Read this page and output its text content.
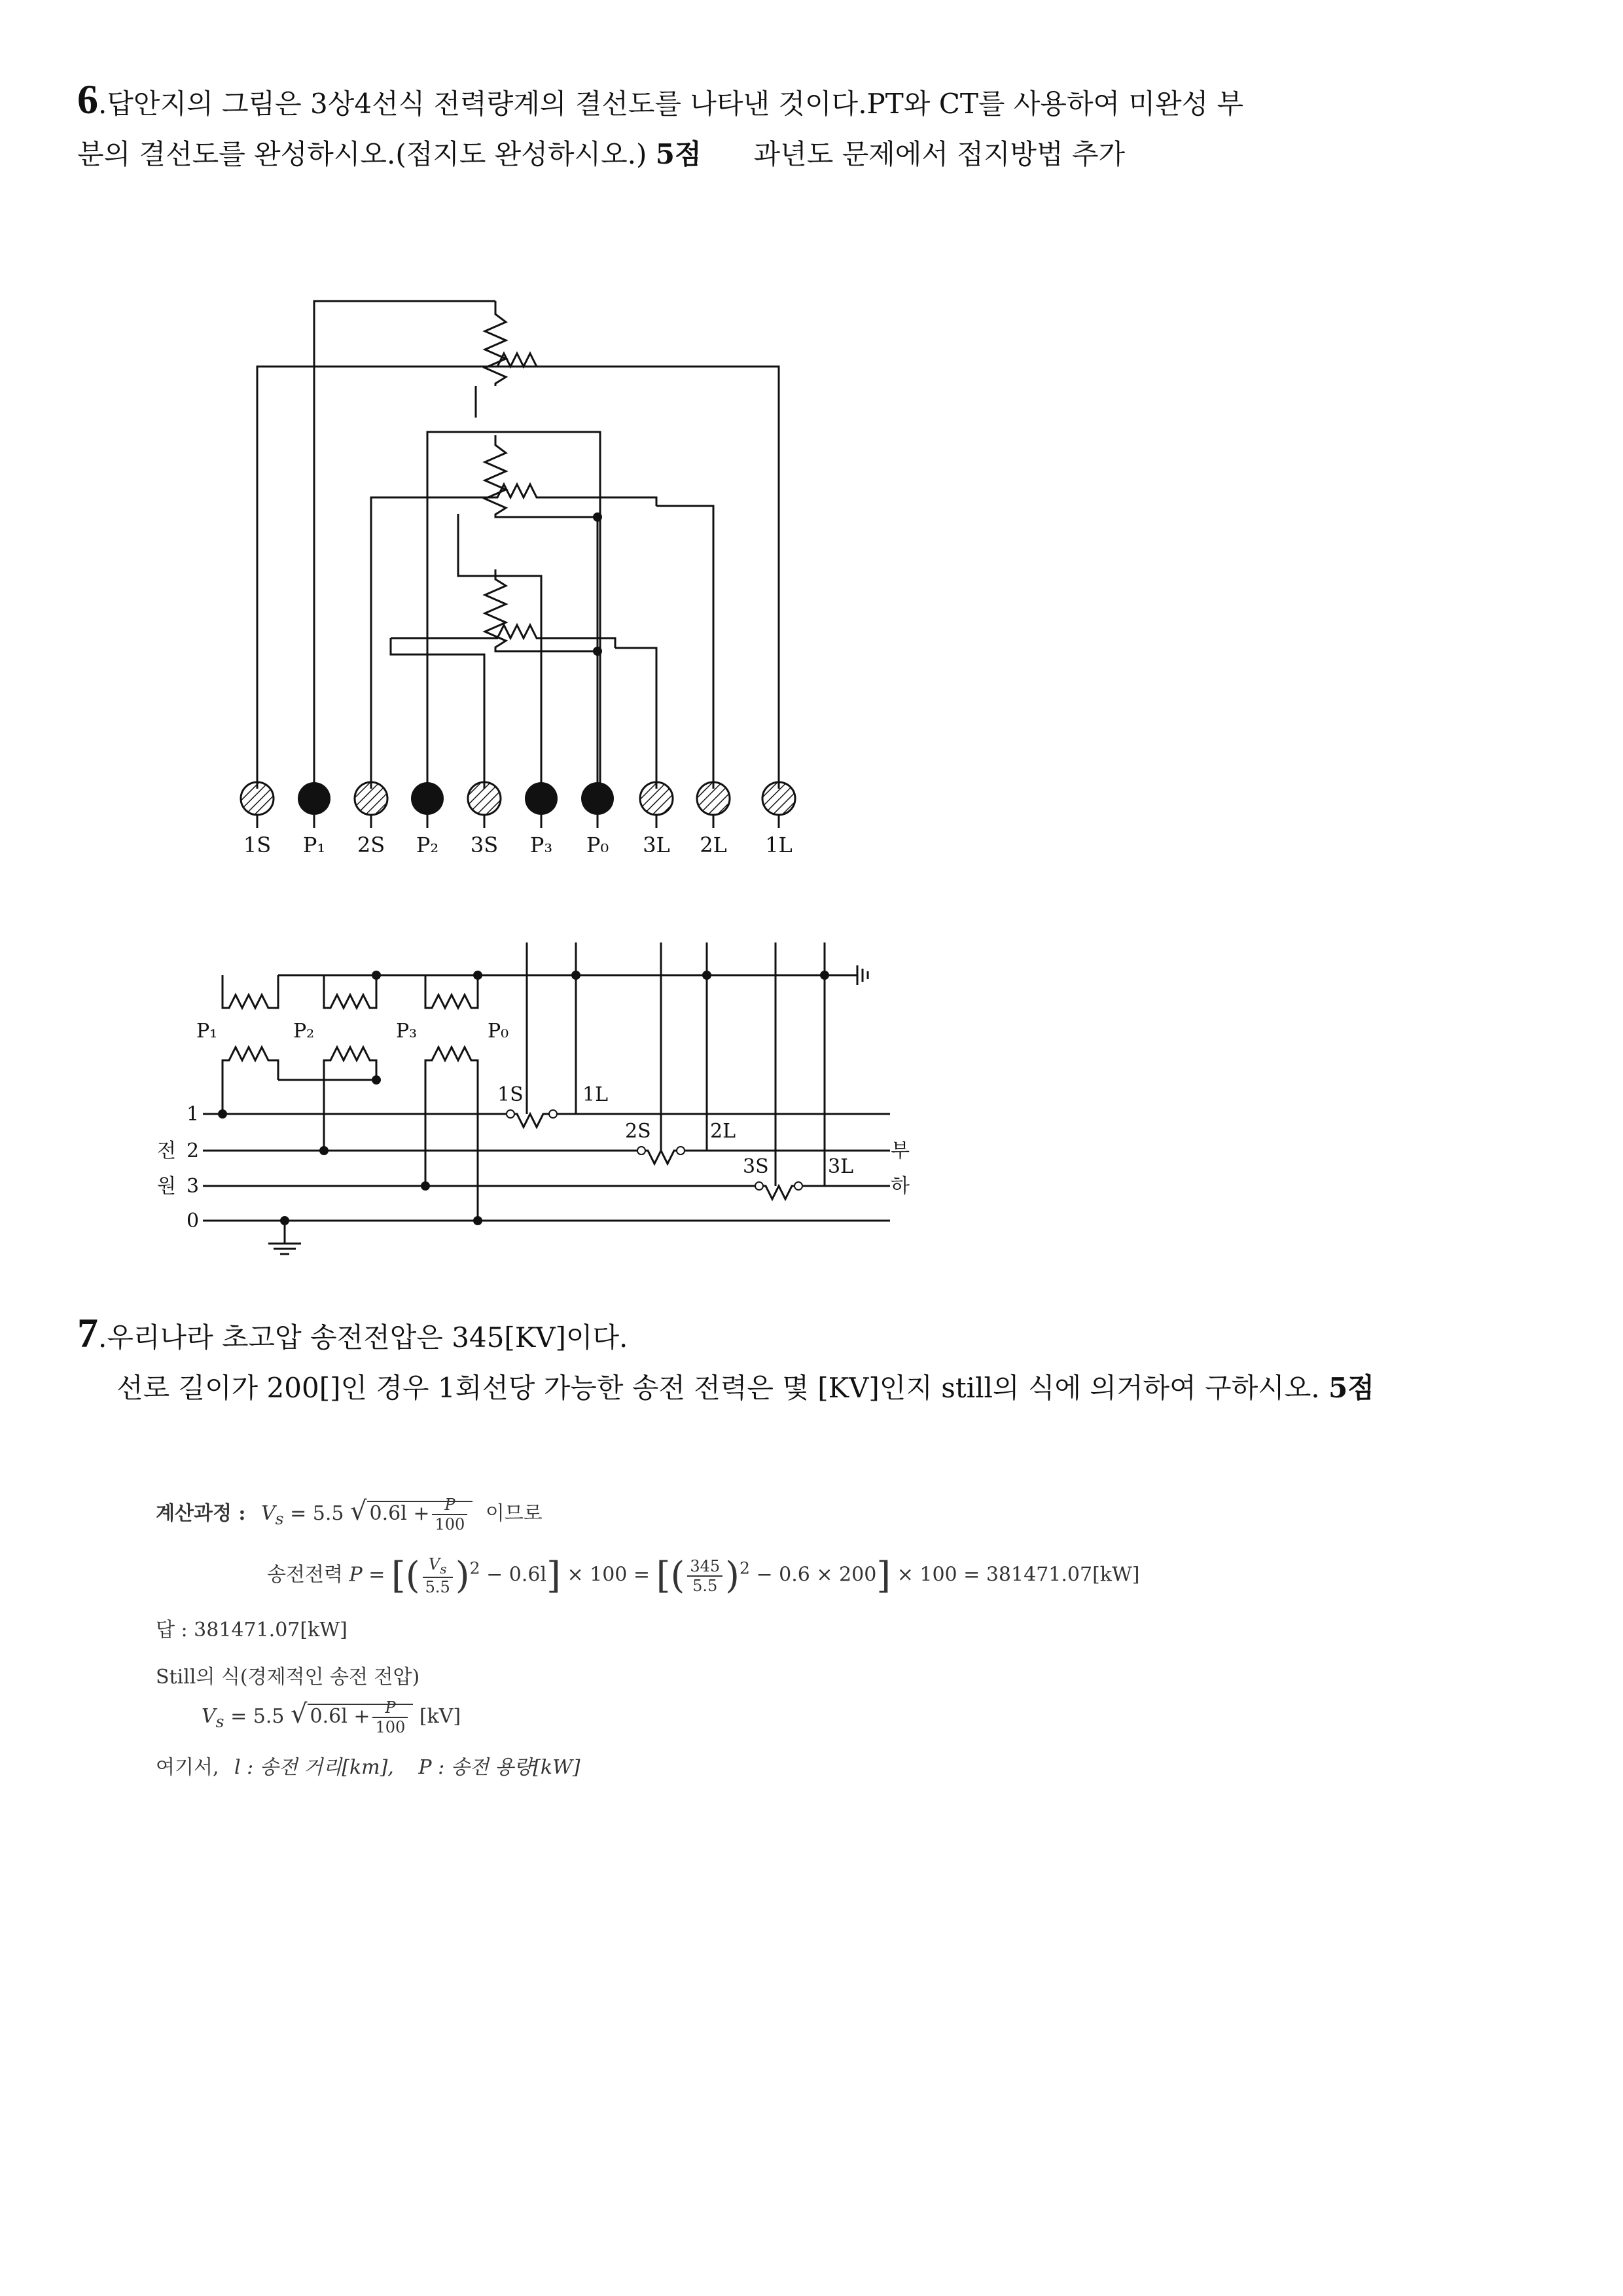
6.답안지의 그림은 3상4선식 전력량계의 결선도를 나타낸 것이다.PT와 CT를 사용하여 미완성 부
분의 결선도를 완성하시오.(접지도 완성하시오.) 5점 과년도 문제에서 접지방법 추가
1S P₁ 2S P₂ 3S P₃ P₀ 3L 2L 1L
P₁	P₂	P₃	P₀
1S	1L
2S	2L
3S	3L
1
2
3
0
전
원
부
하
7.우리나라 초고압 송전전압은 345[KV]이다.
선로 길이가 200[]인 경우 1회선당 가능한 송전 전력은 몇 [KV]인지 still의 식에 의거하여 구하시오. 5점
계산과정 : $V_s = 5.5$ √ $0.6l + \frac{P}{100}$ 이므로
송전전력 P = [( $\frac{V_s}{5.5} )^2 - 0.6l] \times 100$ = [( $\frac{345}{5.5} )^2 - 0.6 \times 200] \times 100 = 381471.07[kW]$
답 : 381471.07[kW]
Still의 식(경제적인 송전 전압)
$V_s = 5.5$ √ $0.6l + \frac{P}{100} [kV]$
여기서, l : 송전 거리[km], P : 송전 용량[kW]
